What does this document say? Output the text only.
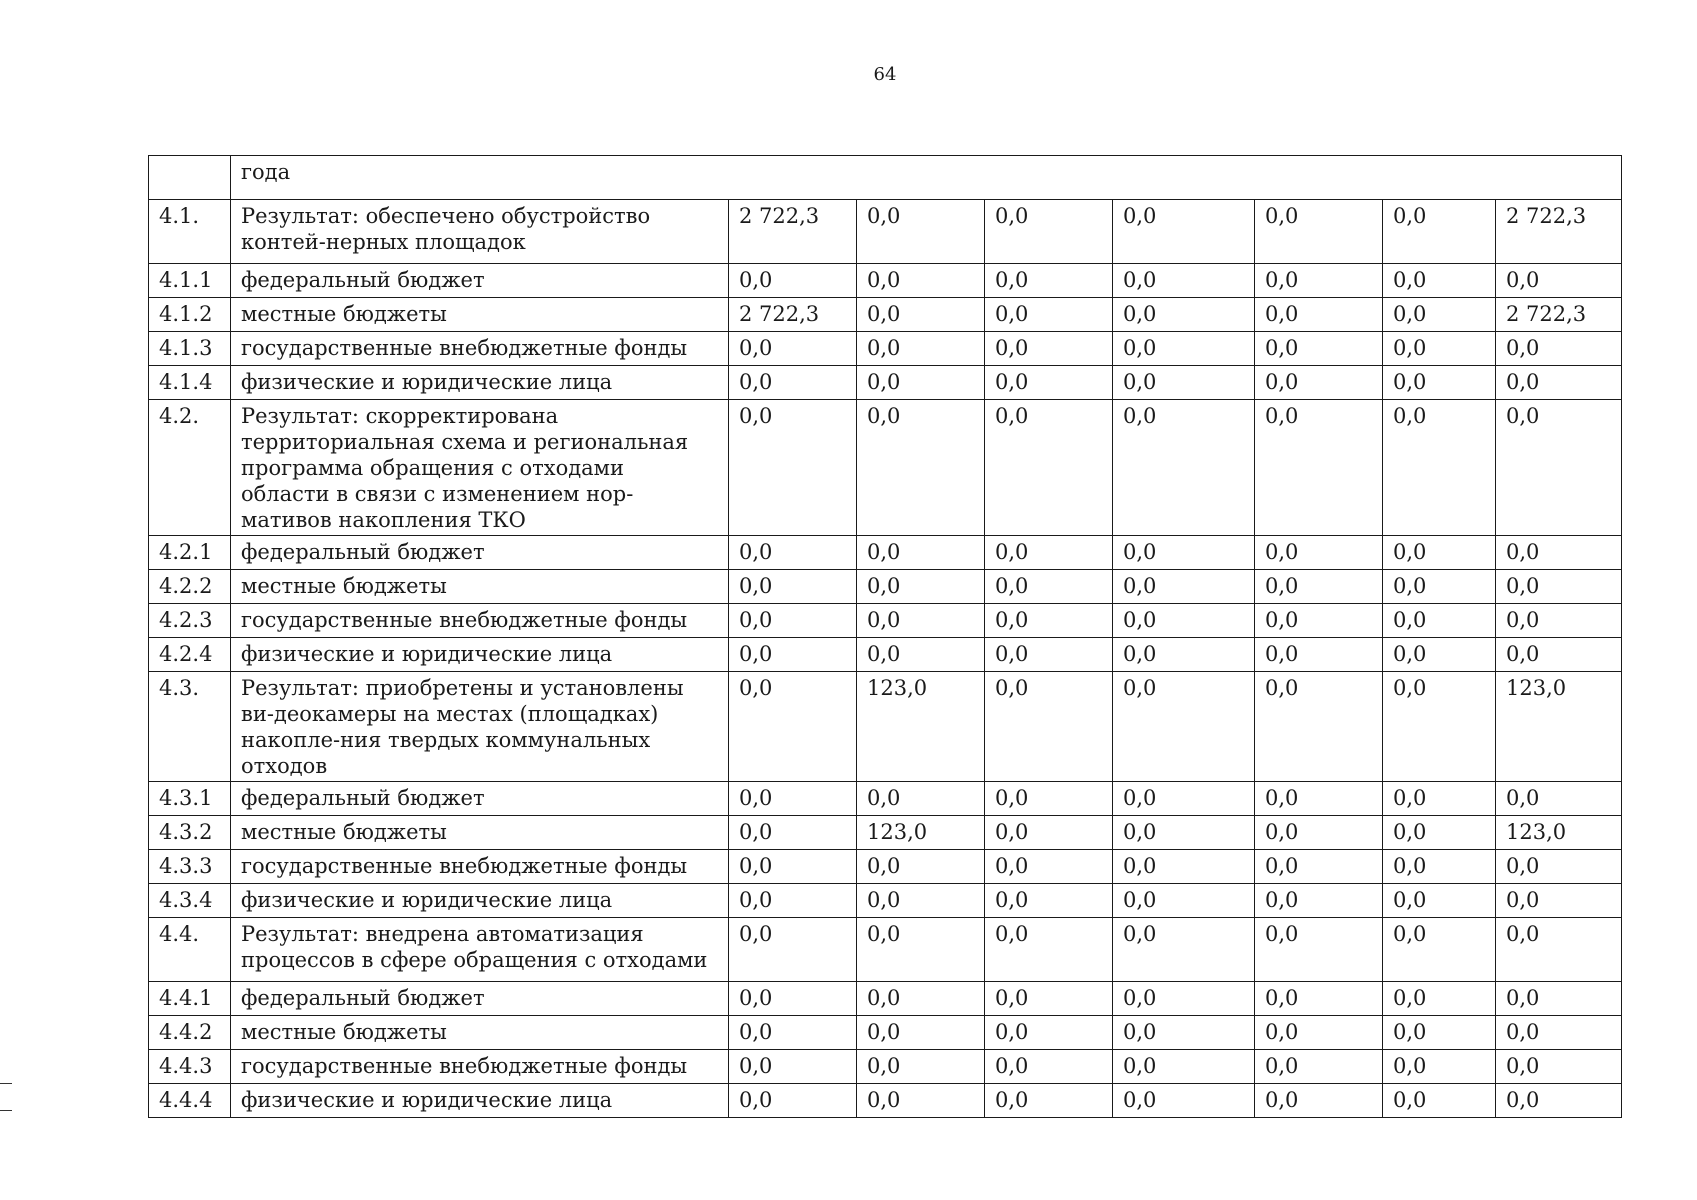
64
	года							
4.1.	Результат: обеспечено обустройство контей-нерных площадок	2 722,3	0,0	0,0	0,0	0,0	0,0	2 722,3
4.1.1	федеральный бюджет	0,0	0,0	0,0	0,0	0,0	0,0	0,0
4.1.2	местные бюджеты	2 722,3	0,0	0,0	0,0	0,0	0,0	2 722,3
4.1.3	государственные внебюджетные фонды	0,0	0,0	0,0	0,0	0,0	0,0	0,0
4.1.4	физические и юридические лица	0,0	0,0	0,0	0,0	0,0	0,0	0,0
4.2.	Результат: скорректирована территориальная схема и региональная программа обращения с отходами области в связи с изменением нор-мативов накопления ТКО	0,0	0,0	0,0	0,0	0,0	0,0	0,0
4.2.1	федеральный бюджет	0,0	0,0	0,0	0,0	0,0	0,0	0,0
4.2.2	местные бюджеты	0,0	0,0	0,0	0,0	0,0	0,0	0,0
4.2.3	государственные внебюджетные фонды	0,0	0,0	0,0	0,0	0,0	0,0	0,0
4.2.4	физические и юридические лица	0,0	0,0	0,0	0,0	0,0	0,0	0,0
4.3.	Результат: приобретены и установлены ви-деокамеры на местах (площадках) накопле-ния твердых коммунальных отходов	0,0	123,0	0,0	0,0	0,0	0,0	123,0
4.3.1	федеральный бюджет	0,0	0,0	0,0	0,0	0,0	0,0	0,0
4.3.2	местные бюджеты	0,0	123,0	0,0	0,0	0,0	0,0	123,0
4.3.3	государственные внебюджетные фонды	0,0	0,0	0,0	0,0	0,0	0,0	0,0
4.3.4	физические и юридические лица	0,0	0,0	0,0	0,0	0,0	0,0	0,0
4.4.	Результат: внедрена автоматизация процессов в сфере обращения с отходами	0,0	0,0	0,0	0,0	0,0	0,0	0,0
4.4.1	федеральный бюджет	0,0	0,0	0,0	0,0	0,0	0,0	0,0
4.4.2	местные бюджеты	0,0	0,0	0,0	0,0	0,0	0,0	0,0
4.4.3	государственные внебюджетные фонды	0,0	0,0	0,0	0,0	0,0	0,0	0,0
4.4.4	физические и юридические лица	0,0	0,0	0,0	0,0	0,0	0,0	0,0
